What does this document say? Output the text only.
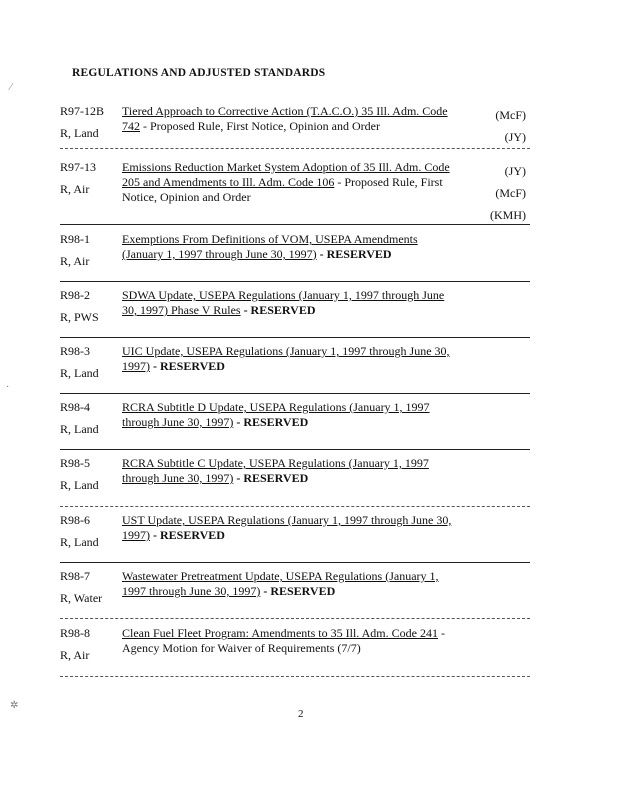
REGULATIONS AND ADJUSTED STANDARDS
R97-12B
R, Land
Tiered Approach to Corrective Action (T.A.C.O.) 35 Ill. Adm. Code 742 - Proposed Rule, First Notice, Opinion and Order
(McF)
(JY)
R97-13
R, Air
Emissions Reduction Market System Adoption of 35 Ill. Adm. Code 205 and Amendments to Ill. Adm. Code 106 - Proposed Rule, First Notice, Opinion and Order
(JY)
(McF)
(KMH)
R98-1
R, Air
Exemptions From Definitions of VOM, USEPA Amendments (January 1, 1997 through June 30, 1997) - RESERVED
R98-2
R, PWS
SDWA Update, USEPA Regulations (January 1, 1997 through June 30, 1997) Phase V Rules - RESERVED
R98-3
R, Land
UIC Update, USEPA Regulations (January 1, 1997 through June 30, 1997) - RESERVED
R98-4
R, Land
RCRA Subtitle D Update, USEPA Regulations (January 1, 1997 through June 30, 1997) - RESERVED
R98-5
R, Land
RCRA Subtitle C Update, USEPA Regulations (January 1, 1997 through June 30, 1997) - RESERVED
R98-6
R, Land
UST Update, USEPA Regulations (January 1, 1997 through June 30, 1997) - RESERVED
R98-7
R, Water
Wastewater Pretreatment Update, USEPA Regulations (January 1, 1997 through June 30, 1997) - RESERVED
R98-8
R, Air
Clean Fuel Fleet Program: Amendments to 35 Ill. Adm. Code 241 - Agency Motion for Waiver of Requirements (7/7)
2
⁄
·
✲
